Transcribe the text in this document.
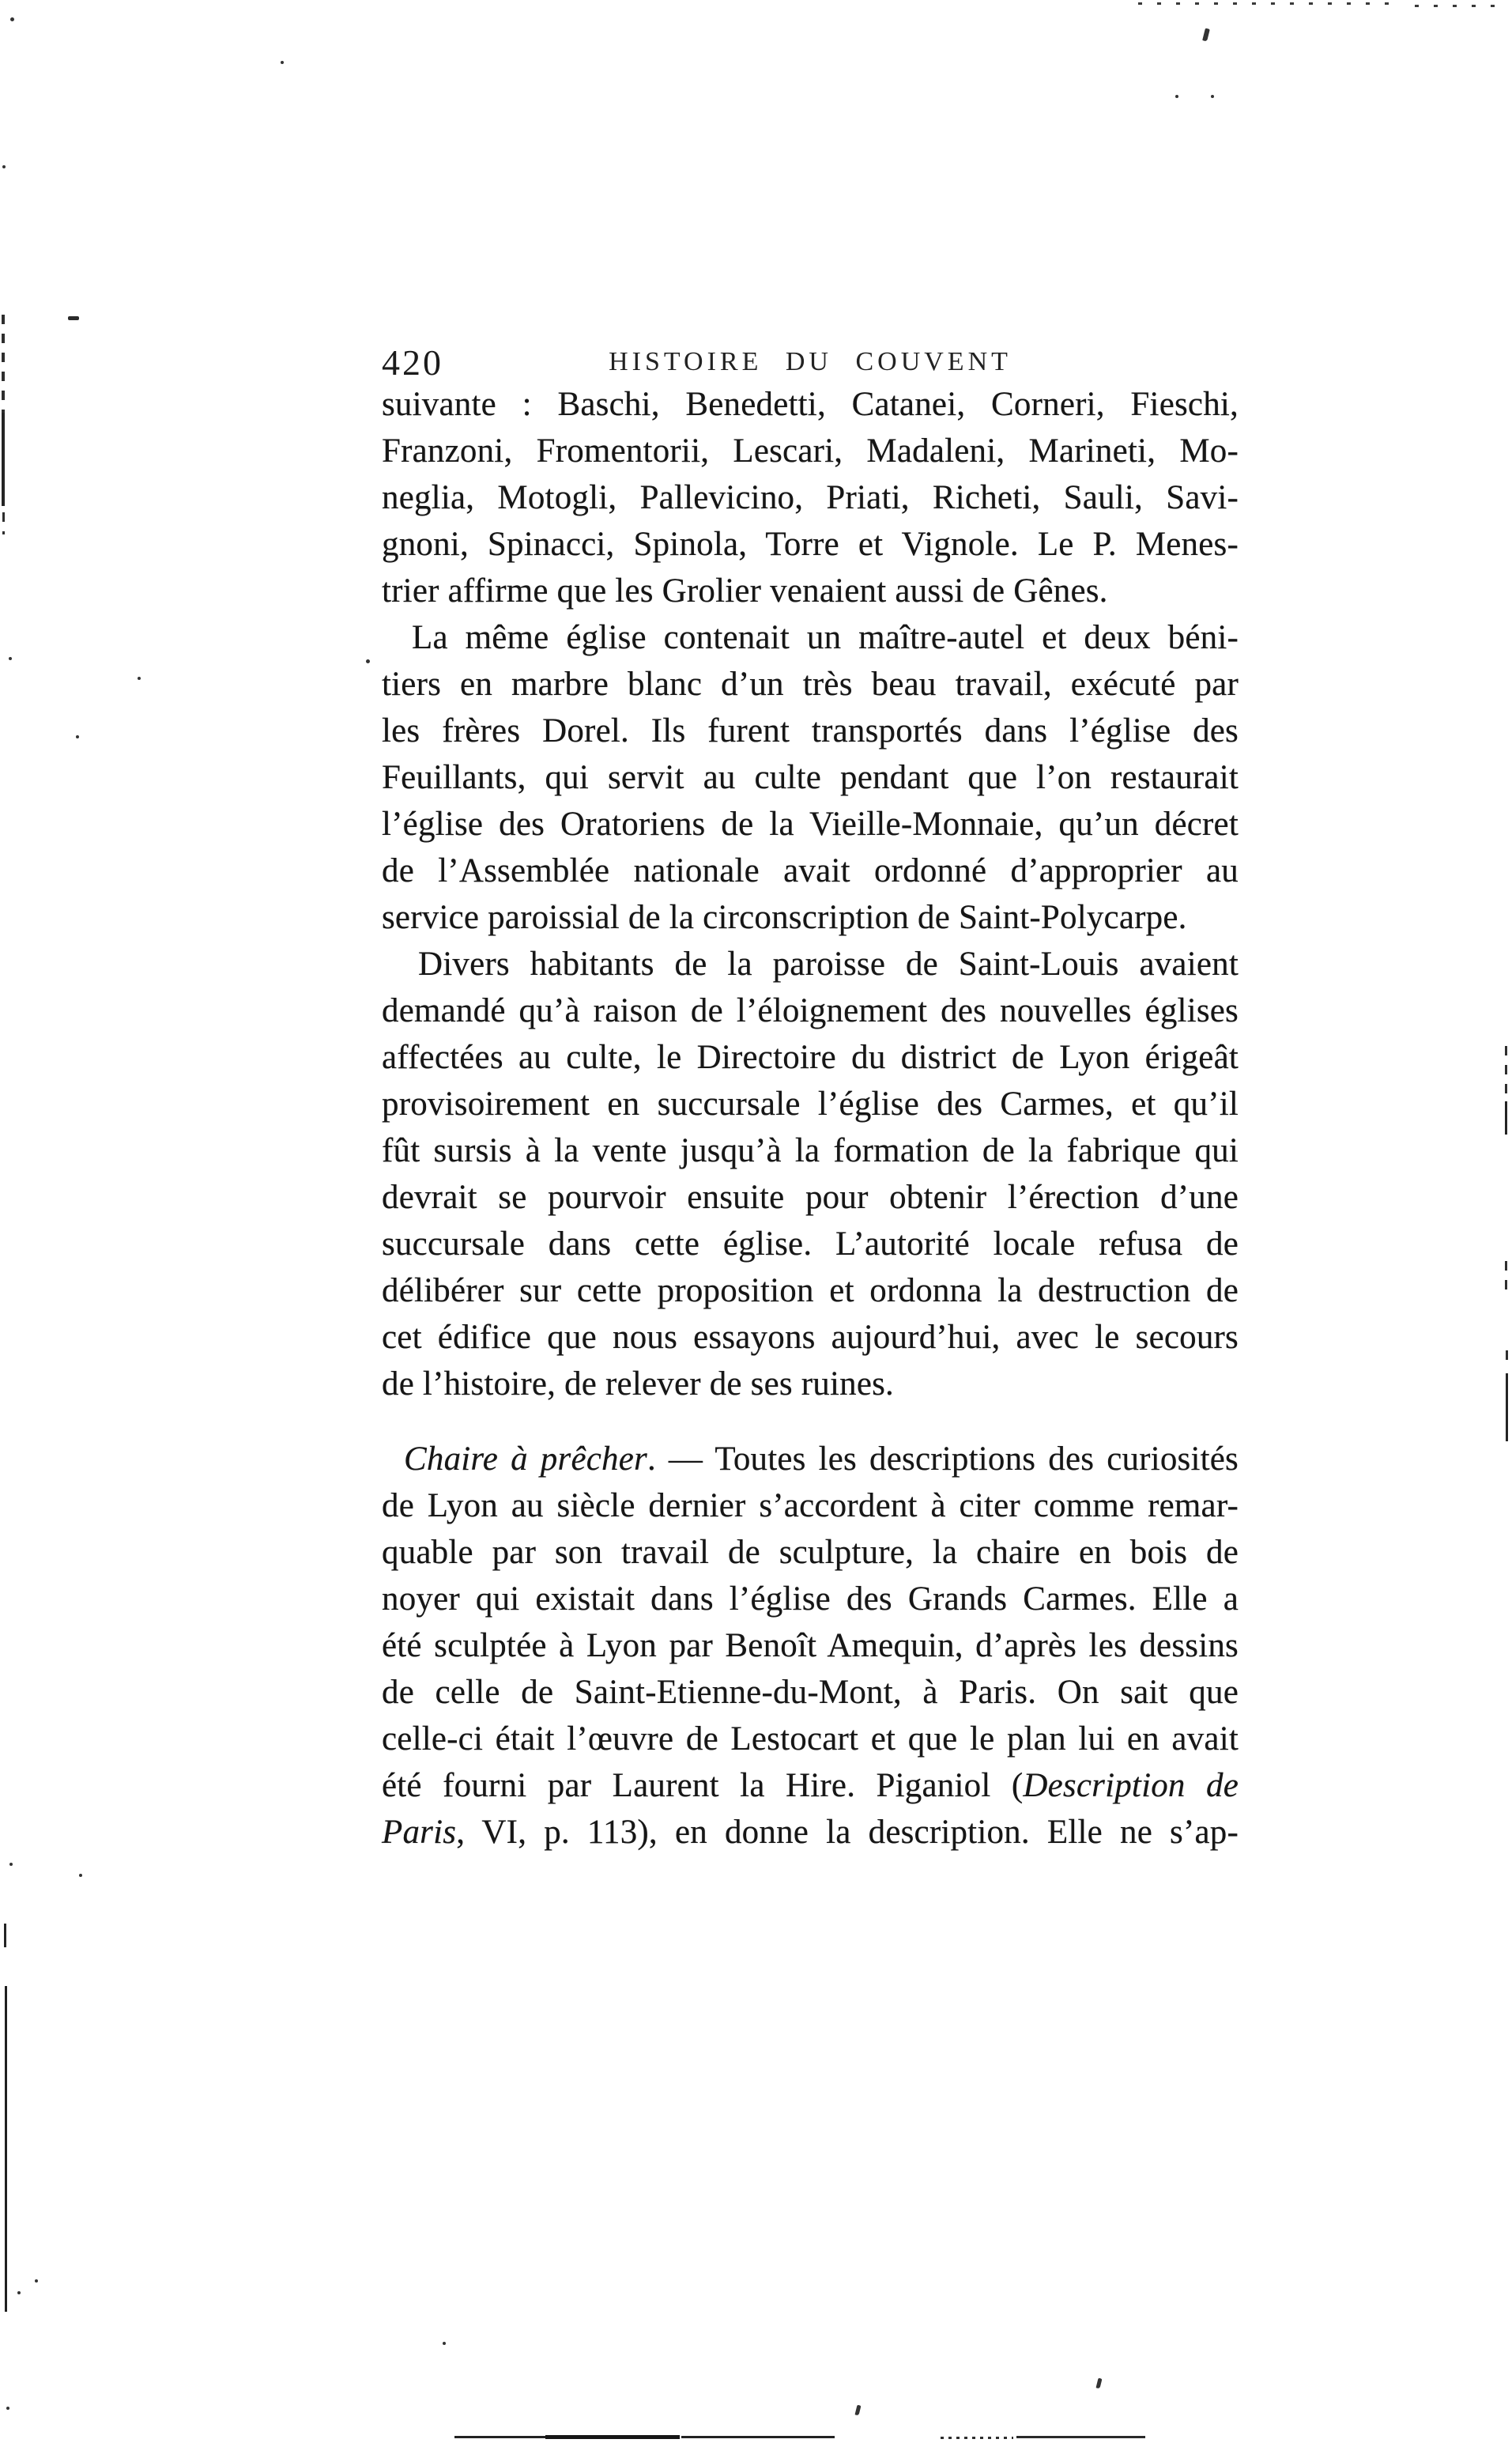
420	HISTOIRE DU COUVENT
suivante : Baschi, Benedetti, Catanei, Corneri, Fieschi,
Franzoni, Fromentorii, Lescari, Madaleni, Marineti, Mo-
neglia, Motogli, Pallevicino, Priati, Richeti, Sauli, Savi-
gnoni, Spinacci, Spinola, Torre et Vignole. Le P. Menes-
trier affirme que les Grolier venaient aussi de Gênes.
La même église contenait un maître-autel et deux béni-
tiers en marbre blanc d’un très beau travail, exécuté par
les frères Dorel. Ils furent transportés dans l’église des
Feuillants, qui servit au culte pendant que l’on restaurait
l’église des Oratoriens de la Vieille-Monnaie, qu’un décret
de l’Assemblée nationale avait ordonné d’approprier au
service paroissial de la circonscription de Saint-Polycarpe.
Divers habitants de la paroisse de Saint-Louis avaient
demandé qu’à raison de l’éloignement des nouvelles églises
affectées au culte, le Directoire du district de Lyon érigeât
provisoirement en succursale l’église des Carmes, et qu’il
fût sursis à la vente jusqu’à la formation de la fabrique qui
devrait se pourvoir ensuite pour obtenir l’érection d’une
succursale dans cette église. L’autorité locale refusa de
délibérer sur cette proposition et ordonna la destruction de
cet édifice que nous essayons aujourd’hui, avec le secours
de l’histoire, de relever de ses ruines.
Chaire à prêcher. — Toutes les descriptions des curiosités
de Lyon au siècle dernier s’accordent à citer comme remar-
quable par son travail de sculpture, la chaire en bois de
noyer qui existait dans l’église des Grands Carmes. Elle a
été sculptée à Lyon par Benoît Amequin, d’après les dessins
de celle de Saint-Etienne-du-Mont, à Paris. On sait que
celle-ci était l’œuvre de Lestocart et que le plan lui en avait
été fourni par Laurent la Hire. Piganiol (Description de
Paris, VI, p. 113), en donne la description. Elle ne s’ap-
